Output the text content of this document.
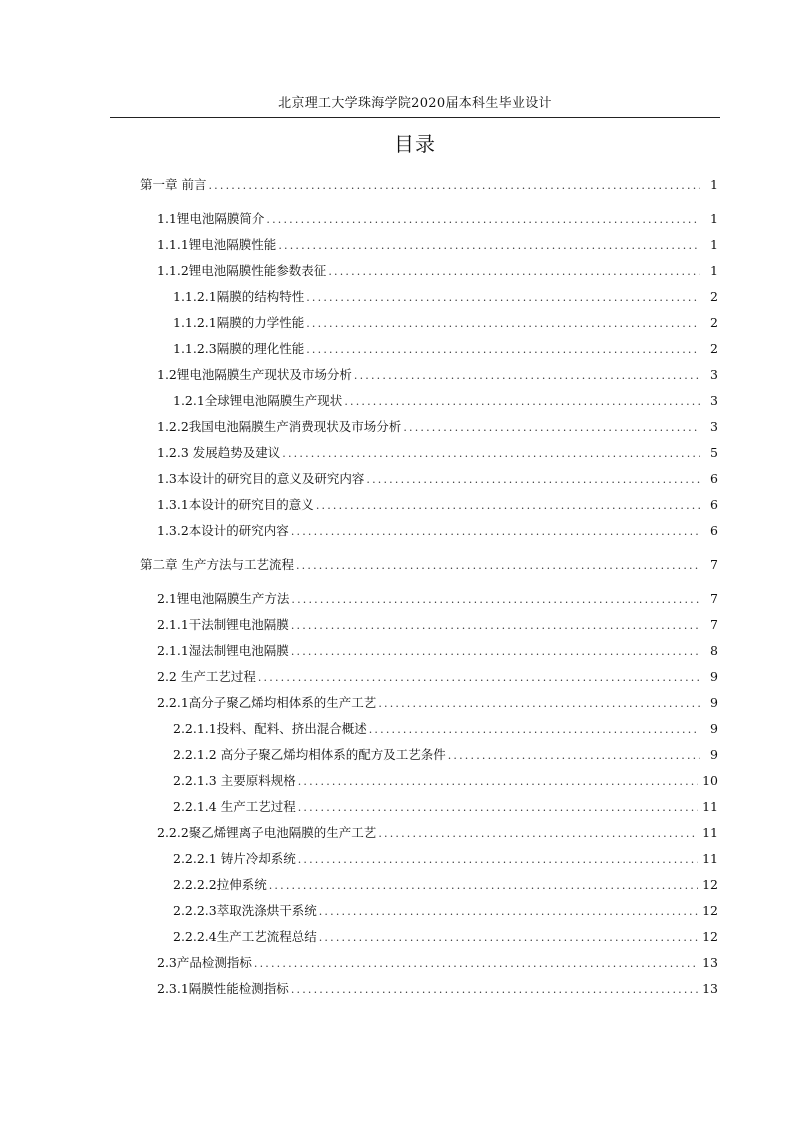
北京理工大学珠海学院2020届本科生毕业设计
目录
第一章 前言 .....	1
1.1锂电池隔膜简介 .....	1
1.1.1锂电池隔膜性能 .....	1
1.1.2锂电池隔膜性能参数表征 .....	1
1.1.2.1隔膜的结构特性 .....	2
1.1.2.1隔膜的力学性能 .....	2
1.1.2.3隔膜的理化性能 .....	2
1.2锂电池隔膜生产现状及市场分析 .....	3
1.2.1全球锂电池隔膜生产现状 .....	3
1.2.2我国电池隔膜生产消费现状及市场分析 .....	3
1.2.3 发展趋势及建议 .....	5
1.3本设计的研究目的意义及研究内容 .....	6
1.3.1本设计的研究目的意义 .....	6
1.3.2本设计的研究内容 .....	6
第二章 生产方法与工艺流程 .....	7
2.1锂电池隔膜生产方法 .....	7
2.1.1干法制锂电池隔膜 .....	7
2.1.1湿法制锂电池隔膜 .....	8
2.2 生产工艺过程 .....	9
2.2.1高分子聚乙烯均相体系的生产工艺 .....	9
2.2.1.1投料、配料、挤出混合概述 .....	9
2.2.1.2 高分子聚乙烯均相体系的配方及工艺条件 .....	9
2.2.1.3 主要原料规格 .....	10
2.2.1.4 生产工艺过程 .....	11
2.2.2聚乙烯锂离子电池隔膜的生产工艺 .....	11
2.2.2.1 铸片冷却系统 .....	11
2.2.2.2拉伸系统 .....	12
2.2.2.3萃取洗涤烘干系统 .....	12
2.2.2.4生产工艺流程总结 .....	12
2.3产品检测指标 .....	13
2.3.1隔膜性能检测指标 .....	13
